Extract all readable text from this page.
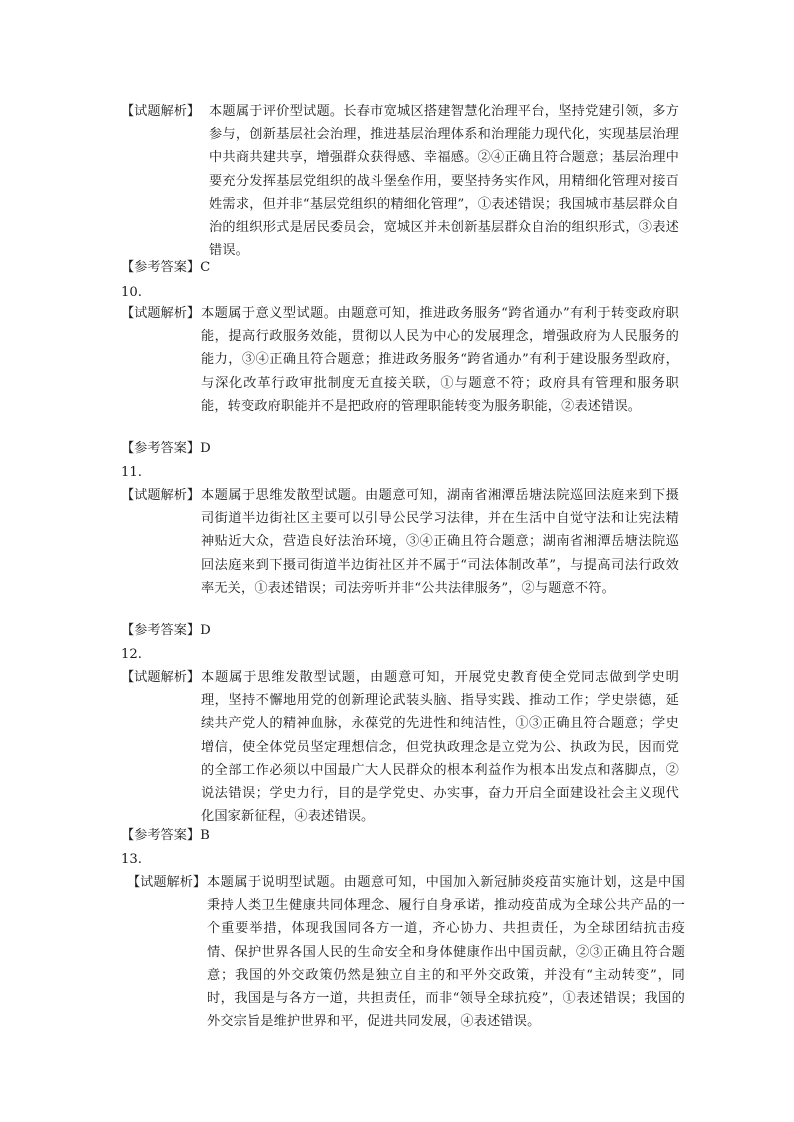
【试题解析】 本题属于评价型试题。长春市宽城区搭建智慧化治理平台，坚持党建引领，多方参与，创新基层社会治理，推进基层治理体系和治理能力现代化，实现基层治理中共商共建共享，增强群众获得感、幸福感。②④正确且符合题意；基层治理中要充分发挥基层党组织的战斗堡垒作用，要坚持务实作风，用精细化管理对接百姓需求，但并非“基层党组织的精细化管理”，①表述错误；我国城市基层群众自治的组织形式是居民委员会，宽城区并未创新基层群众自治的组织形式，③表述错误。

【参考答案】C
10.
【试题解析】 本题属于意义型试题。由题意可知，推进政务服务“跨省通办”有利于转变政府职能，提高行政服务效能，贯彻以人民为中心的发展理念，增强政府为人民服务的能力，③④正确且符合题意；推进政务服务“跨省通办”有利于建设服务型政府，与深化改革行政审批制度无直接关联，①与题意不符；政府具有管理和服务职能，转变政府职能并不是把政府的管理职能转变为服务职能，②表述错误。

【参考答案】D
11.
【试题解析】 本题属于思维发散型试题。由题意可知，湖南省湘潭岳塘法院巡回法庭来到下摄司街道半边街社区主要可以引导公民学习法律，并在生活中自觉守法和让宪法精神贴近大众，营造良好法治环境，③④正确且符合题意；湖南省湘潭岳塘法院巡回法庭来到下摄司街道半边街社区并不属于“司法体制改革”，与提高司法行政效率无关，①表述错误；司法旁听并非“公共法律服务”，②与题意不符。

【参考答案】D
12.
【试题解析】 本题属于思维发散型试题，由题意可知，开展党史教育使全党同志做到学史明理，坚持不懈地用党的创新理论武装头脑、指导实践、推动工作；学史崇德，延续共产党人的精神血脉，永葆党的先进性和纯洁性，①③正确且符合题意；学史增信，使全体党员坚定理想信念，但党执政理念是立党为公、执政为民，因而党的全部工作必须以中国最广大人民群众的根本利益作为根本出发点和落脚点，②说法错误；学史力行，目的是学党史、办实事，奋力开启全面建设社会主义现代化国家新征程，④表述错误。

【参考答案】B
13.
【试题解析】 本题属于说明型试题。由题意可知，中国加入新冠肺炎疫苗实施计划，这是中国秉持人类卫生健康共同体理念、履行自身承诺，推动疫苗成为全球公共产品的一个重要举措，体现我国同各方一道，齐心协力、共担责任，为全球团结抗击疫情、保护世界各国人民的生命安全和身体健康作出中国贡献，②③正确且符合题意；我国的外交政策仍然是独立自主的和平外交政策，并没有“主动转变”，同时，我国是与各方一道，共担责任，而非“领导全球抗疫”，①表述错误；我国的外交宗旨是维护世界和平，促进共同发展，④表述错误。
